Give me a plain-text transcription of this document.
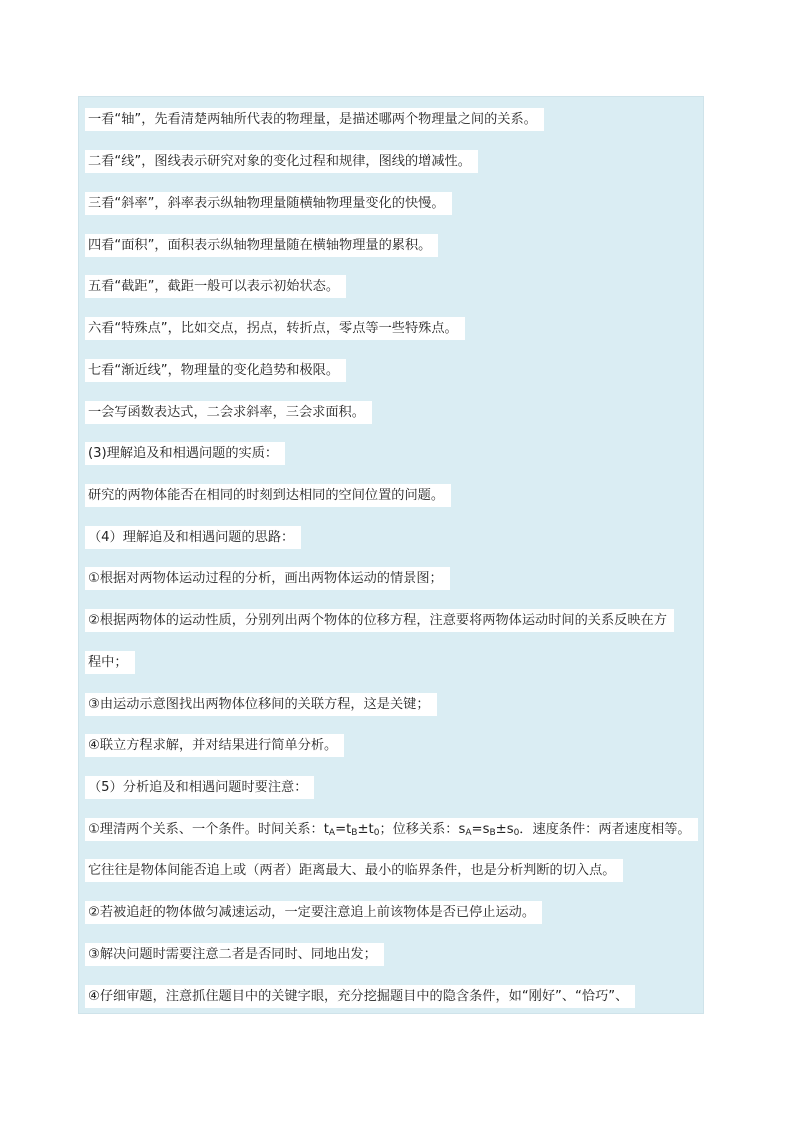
一看“轴”，先看清楚两轴所代表的物理量，是描述哪两个物理量之间的关系。
二看“线”，图线表示研究对象的变化过程和规律，图线的增减性。
三看“斜率”，斜率表示纵轴物理量随横轴物理量变化的快慢。
四看“面积”，面积表示纵轴物理量随在横轴物理量的累积。
五看“截距”，截距一般可以表示初始状态。
六看“特殊点”，比如交点，拐点，转折点，零点等一些特殊点。
七看“渐近线”，物理量的变化趋势和极限。
一会写函数表达式，二会求斜率，三会求面积。
(3)理解追及和相遇问题的实质：
研究的两物体能否在相同的时刻到达相同的空间位置的问题。
（4）理解追及和相遇问题的思路：
①根据对两物体运动过程的分析，画出两物体运动的情景图；
②根据两物体的运动性质，分别列出两个物体的位移方程，注意要将两物体运动时间的关系反映在方
程中；
③由运动示意图找出两物体位移间的关联方程，这是关键；
④联立方程求解，并对结果进行简单分析。
（5）分析追及和相遇问题时要注意：
①理清两个关系、一个条件。时间关系：$t_A=t_B\pm t_0$；位移关系：$s_A=s_B\pm s_0$．速度条件：两者速度相等。
它往往是物体间能否追上或（两者）距离最大、最小的临界条件，也是分析判断的切入点。
②若被追赶的物体做匀减速运动，一定要注意追上前该物体是否已停止运动。
③解决问题时需要注意二者是否同时、同地出发；
④仔细审题，注意抓住题目中的关键字眼，充分挖掘题目中的隐含条件，如“刚好”、“恰巧”、
